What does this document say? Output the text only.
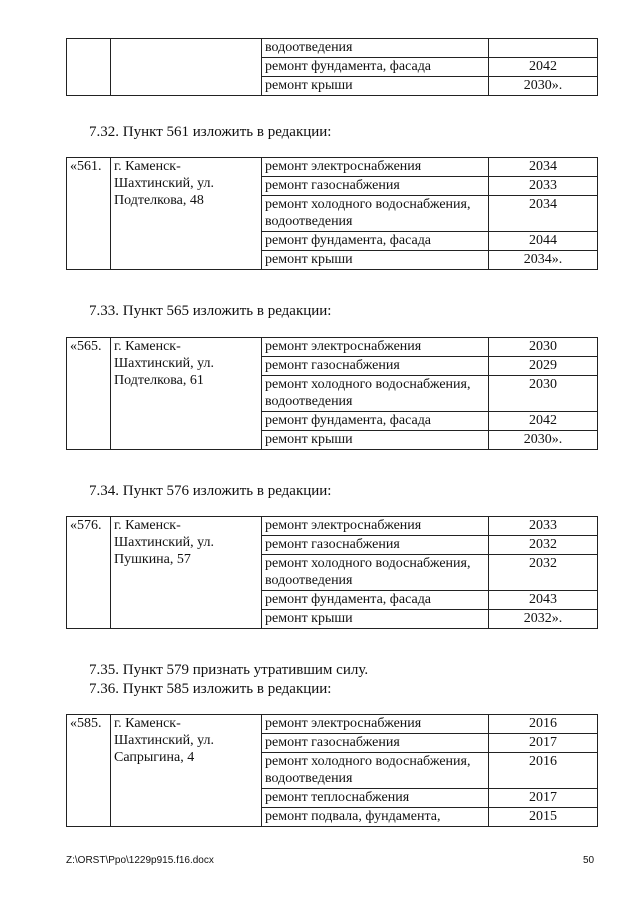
		водоотведения	
		ремонт фундамента, фасада	2042
		ремонт крыши	2030».
7.32. Пункт 561 изложить в редакции:
«561.	г. Каменск-Шахтинский, ул. Подтелкова, 48	ремонт электроснабжения	2034
		ремонт газоснабжения	2033
		ремонт холодного водоснабжения, водоотведения	2034
		ремонт фундамента, фасада	2044
		ремонт крыши	2034».
7.33. Пункт 565 изложить в редакции:
«565.	г. Каменск-Шахтинский, ул. Подтелкова, 61	ремонт электроснабжения	2030
		ремонт газоснабжения	2029
		ремонт холодного водоснабжения, водоотведения	2030
		ремонт фундамента, фасада	2042
		ремонт крыши	2030».
7.34. Пункт 576 изложить в редакции:
«576.	г. Каменск-Шахтинский, ул. Пушкина, 57	ремонт электроснабжения	2033
		ремонт газоснабжения	2032
		ремонт холодного водоснабжения, водоотведения	2032
		ремонт фундамента, фасада	2043
		ремонт крыши	2032».
7.35. Пункт 579 признать утратившим силу.
7.36. Пункт 585 изложить в редакции:
«585.	г. Каменск-Шахтинский, ул. Сапрыгина, 4	ремонт электроснабжения	2016
		ремонт газоснабжения	2017
		ремонт холодного водоснабжения, водоотведения	2016
		ремонт теплоснабжения	2017
		ремонт подвала, фундамента,	2015
Z:\ORST\Ppo\1229p915.f16.docx	50
